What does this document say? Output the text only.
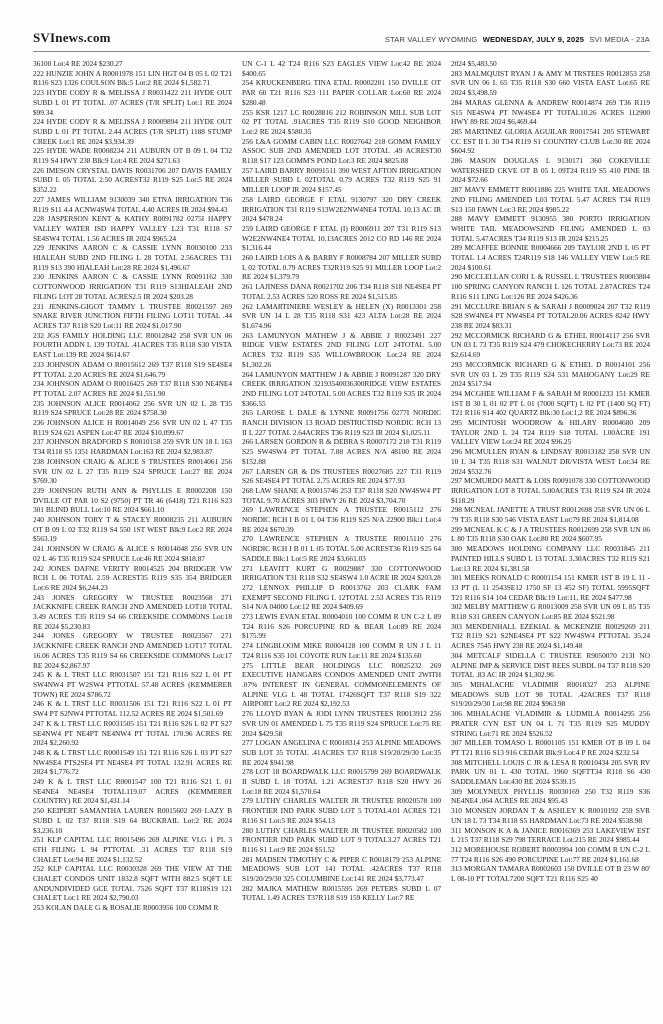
SVInews.com	STAR VALLEY WYOMING WEDNESDAY, JULY 9, 2025 SVI MEDIA - 23A

36100 Lot:4 RE 2024 $230.27

222 HUNZIE JOHN A R0001978 151 LIN HGT 04 B 05 L 02 T21 R116 S23 1326 COULSON Blk:5 Lot:2 RE 2024 $1,582.71

223 HYDE CODY R & MELISSA J R0031422 211 HYDE OUT SUBD L 01 PT TOTAL .07 ACRES (T/R SPLIT) Lot:1 RE 2024 $99.34

224 HYDE CODY R & MELISSA J R0009894 211 HYDE OUT SUBD L 01 PT TOTAL 2.44 ACRES (T/R SPLIT) 1188 STUMP CREEK Lot:1 RE 2024 $3,934.39

225 HYDE WADE R0008234 211 AUBURN OT B 09 L 04 T32 R119 S4 HWY 238 Blk:9 Lot:4 RE 2024 $271.63

226 IMESON CRYSTAL DAVIS R0031706 207 DAVIS FAMILY SUBD L 05 TOTAL 2.50 ACREST32 R119 S25 Lot:5 RE 2024 $352.22

227 JAMES WILLIAM 9130039 340 ETNA IRRIGATION T36 R119 S11 4.4 ACNW4SW4 TOTAL 4.40 ACRES IR 2024 $94.43

228 JASPERSON KENT & KATHY R0091782 0275I HAPPY VALLEY WATER ISD HAPPY VALLEY L23 T31 R118 S7 SE4SW4 TOTAL 1.56 ACRES IR 2024 $965.24

229 JENKINS AARON C & CASSIE LYNN R0030100 233 HIALEAH SUBD 2ND FILING L 28 TOTAL 2.56ACRES T31 R119 S13 390 HIALEAH Lot:28 RE 2024 $1,496.67

230 JENKINS AARON C & CASSIE LYNN R0091162 330 COTTONWOOD IRRIGATION T31 R119 S13HIALEAH 2ND FILING LOT 28 TOTAL ACRES2.5 IR 2024 $203.28

231 JENKINS-GIGOT TAMMY L TRUSTEE R0021597 269 SNAKE RIVER JUNCTION FIFTH FILING LOT11 TOTAL .44 ACRES T37 R118 S20 Lot:11 RE 2024 $1,017.90

232 JGS FAMILY HOLDING LLC R0012842 258 SVR UN 06 FOURTH ADDN L 139 TOTAL .41ACRES T35 R118 S30 VISTA EAST Lot:139 RE 2024 $614.67

233 JOHNSON ADAM O R0015612 269 T37 R118 S19 SE4SE4 PT TOTAL 2.20 ACRES RE 2024 $1,646.79

234 JOHNSON ADAM O R0016425 269 T37 R118 S30 NE4NE4 PT TOTAL 2.07 ACRES RE 2024 $1,551.90

235 JOHNSON ALICE R0014062 256 SVR UN 02 L 28 T35 R119 S24 SPRUCE Lot:28 RE 2024 $758.30

236 JOHNSON ALICE H R0014049 256 SVR UN 02 L 47 T35 R119 S24 621 ASPEN Lot:47 RE 2024 $10,099.67

237 JOHNSON BRADFORD S R0010158 259 SVR UN 18 L 163 T34 R118 S5 1351 HARDMAN Lot:163 RE 2024 $2,983.87

238 JOHNSON CRAIG & ALICE S TRUSTEES R0014061 256 SVR UN 02 L 27 T35 R119 S24 SPRUCE Lot:27 RE 2024 $769.30

239 JOHNSON RUTH ANN & PHYLLIS E R0002208 150 DVILLE OT PAR 10 S2 (9750) PT TR 46 (6418) T21 R116 S23 301 BLIND BULL Lot:10 RE 2024 $661.10

240 JOHNSON TORY T & STACEY R0008235 211 AUBURN OT B 09 L 02 T32 R119 S4 550 1ST WEST Blk:9 Lot:2 RE 2024 $563.19

241 JOHNSON W CRAIG & ALICE S R0014048 256 SVR UN 02 L 46 T35 R119 S24 SPRUCE Lot:46 RE 2024 $818.87

242 JONES DAFNE VERITY R0014525 204 BRIDGER VW RCH L 06 TOTAL 2.59 ACREST35 R119 S35 354 BRIDGER Lot:6 RE 2024 $6,244.23

243 JONES GREGORY W TRUSTEE R0023568 271 JACKKNIFE CREEK RANCH 2ND AMENDED LOT18 TOTAL 3.49 ACRES T35 R119 S4 66 CREEKSIDE COMMONS Lot:18 RE 2024 $5,230.83

244 JONES GREGORY W TRUSTEE R0023567 271 JACKKNIFE CREEK RANCH 2ND AMENDED LOT17 TOTAL 16.06 ACRES T35 R119 S4 66 CREEKSIDE COMMONS Lot:17 RE 2024 $2,867.97

245 K & L TRST LLC R0031507 151 T21 R116 S22 L 01 PT SW4NW4 PT W2SW4 PTTOTAL 57.48 ACRES (KEMMERER TOWN) RE 2024 $786.72

246 K & L TRST LLC R0031506 151 T21 R116 S22 L 01 PT SW4 PT S2NW4 PTTOTAL 112.52 ACRES RE 2024 $1,501.69

247 K & L TRST LLC R0031505 151 T21 R116 S26 L 02 PT S27 SE4NW4 PT NE4PT NE4NW4 PT TOTAL 170.96 ACRES RE 2024 $2,260.92

248 K & L TRST LLC R0001549 151 T21 R116 S26 L 03 PT S27 NW4SE4 PTS2SE4 PT NE4SE4 PT TOTAL 132.91 ACRES RE 2024 $1,776.72

249 K & L TRST LLC R0001547 100 T21 R116 S21 L 01 SE4NE4 NE4SE4 TOTAL119.07 ACRES (KEMMERER COUNTRY) RE 2024 $1,431.14

250 KEIPERT SAMANTHA LAUREN R0015602 269 LAZY B SUBD L 02 T37 R118 S19 64 BUCKRAIL Lot:2 RE 2024 $3,236.10

251 KLP CAPITAL LLC R0015496 269 ALPINE VLG 1 PL 3 6TH FILING L 94 PTTOTAL .31 ACRES T37 R118 S19 CHALET Lot:94 RE 2024 $1,132.52

252 KLP CAPITAL LLC R0030328 269 THE VIEW AT THE CHALET CONDOS UNIT 1832.8 SQFT WITH 882.5 SQFT LE ANDUNDIVIDED GCE TOTAL 7526 SQFT T37 R118S19 121 CHALET Lot:1 RE 2024 $2,790.03

253 KOLAN DALE G & ROSALIE R0003956 100 COMM R

UN C-1 L 42 T24 R116 S23 EAGLES VIEW Lot:42 RE 2024 $400.65

254 KRUCKENBERG TINA ETAL R0002201 150 DVILLE OT PAR 60 T21 R116 S23 111 PAPER COLLAR Lot:60 RE 2024 $280.48

255 KSR 1217 LC R0028816 212 ROBINSON MILL SUB LOT 02 PT TOTAL .91ACRES T35 R119 S10 GOOD NEIGHBOR Lot:2 RE 2024 $580.35

256 L&A GOMM CABIN LLC R0027642 218 GOMM FAMILY ASSOC SUB 2ND AMENDED LOT 3TOTAL .49 ACREST30 R118 S17 123 GOMM'S POND Lot:3 RE 2024 $825.88

257 LAIRD BARRY R0091511 390 WEST AFTON IRRIGATION MILLER SUBD L 02TOTAL 0.79 ACRES T32 R119 S25 91 MILLER LOOP IR 2024 $157.45

258 LAIRD GEORGE F ETAL 9130797 320 DRY CREEK IRRIGATION T31 R119 S13W2E2NW4NE4 TOTAL 10.13 AC IR 2024 $478.24

259 LAIRD GEORGE F ETAL (I) R0006911 207 T31 R119 S13 W2E2NW4NE4 TOTAL 10.13ACRES 2012 CO RD 146 RE 2024 $1,316.44

260 LAIRD LOIS A & BARRY F R0008784 207 MILLER SUBD L 02 TOTAL 0.79 ACRES T32R119 S25 91 MILLER LOOP Lot:2 RE 2024 $1,379.79

261 LAJINESS DANA R0021702 206 T34 R118 S18 NE4SE4 PT TOTAL 2.53 ACRES 520 ROSS RE 2024 $1,515.85

262 LAMARTINIERE WESLEY & HELEN (X) R0013301 258 SVR UN 14 L 28 T35 R118 S31 423 ALTA Lot:28 RE 2024 $1,674.96

263 LAMUNYON MATHEW J & ABBIE J R0023491 227 RIDGE VIEW ESTATES 2ND FILING LOT 24TOTAL 5.00 ACRES T32 R119 S35 WILLOWBROOK Lot:24 RE 2024 $1,302.26

264 LAMUNYON MATTHEW J & ABBIE J R0091287 320 DRY CREEK IRRIGATION 32193540036300RIDGE VIEW ESTATES 2ND FILING LOT 24TOTAL 5.00 ACRES T32 R119 S35 IR 2024 $366.55

265 LAROSE L DALE & LYNNE R0091756 0277I NORDIC RANCH DIVISION 13 ROAD DISTRICTISD NORDIC RCH 13 II L 227 TOTAL 2.64ACRES T36 R119 S23 IR 2024 $1,025.11

266 LARSEN GORDON R & DEBRA S R0007172 218 T31 R119 S25 SW4SW4 PT TOTAL 7.88 ACRES N/A 48100 RE 2024 $152.88

267 LARSEN GR & DS TRUSTEES R0027685 227 T31 R119 S26 SE4SE4 PT TOTAL 2.75 ACRES RE 2024 $77.93

268 LAW SHANE A R0015746 253 T37 R118 S20 NW4SW4 PT TOTAL 9.70 ACRES 303 HWY 26 RE 2024 $3,704.70

269 LAWRENCE STEPHEN A TRUSTEE R0015112 276 NORDIC RCH I B 01 L 04 T36 R119 S25 N/A 22900 Blk:1 Lot:4 RE 2024 $670.39

270 LAWRENCE STEPHEN A TRUSTEE R0015110 276 NORDIC RCH I B 01 L 05 TOTAL 5.00 ACREST36 R119 S25 64 SADDLE Blk:1 Lot:5 RE 2024 $3,661.03

271 LEAVITT KURT G R0029887 330 COTTONWOOD IRRIGATION T31 R118 S32 SE4SW4 1.0 ACRE IR 2024 $203.28

272 LENNOX PHILLIP D R0013762 203 CLARK FAM EXEMPT SECOND FILING L 12TOTAL 2.53 ACRES T35 R119 S14 N/A 04000 Lot:12 RE 2024 $409.69

273 LEWIS EVAN ETAL R0004010 100 COMM R UN C-2 L 89 T24 R116 S26 PORCUPINE RD & BEAR Lot:89 RE 2024 $175.99

274 LINGBLOOM MIKE R0004128 100 COMM R UN J L 11 T24 R116 S35 101 COYOTE RUN Lot:11 RE 2024 $135.60

275 LITTLE BEAR HOLDINGS LLC R0025232 269 EXECUTIVE HANGARS CONDOS AMENDED UNIT 2WITH .07% INTEREST IN GENERAL COMMONELEMENTS OF ALPINE VLG L 48 TOTAL 17426SQFT T37 R118 S19 322 AIRPORT Lot:2 RE 2024 $2,192.53

276 LLOYD RYAN & JODI LYNN TRUSTEES R0013912 256 SVR UN 01 AMENDED L 75 T35 R119 S24 SPRUCE Lot:75 RE 2024 $429.58

277 LOGAN ANGELINA C R0018314 253 ALPINE MEADOWS SUB LOT 35 TOTAL .41ACRES T37 R118 S19/20/29/30 Lot:35 RE 2024 $941.98

278 LOT 18 BOARDWALK LLC R0015799 269 BOARDWALK II SUBD L 18 TOTAL 1.21 ACREST37 R118 S20 HWY 26 Lot:18 RE 2024 $1,570.64

279 LUTHY CHARLES WALTER JR TRUSTEE R0020578 100 FRONTIER IND PARK SUBD LOT 5 TOTAL4.01 ACRES T21 R116 S1 Lot:5 RE 2024 $54.13

280 LUTHY CHARLES WALTER JR TRUSTEE R0020582 100 FRONTIER IND PARK SUBD LOT 9 TOTAL3.27 ACRES T21 R116 S1 Lot:9 RE 2024 $51.52

281 MADSEN TIMOTHY C & PIPER C R0018179 253 ALPINE MEADOWS SUB LOT 141 TOTAL .42ACRES T37 R118 S19/20/29/30 325 COLUMBINE Lot:141 RE 2024 $3,773.47

282 MAJKA MATHEW R0015595 269 PETERS SUBD L 07 TOTAL 1.49 ACRES T37R118 S19 159 KELLY Lot:7 RE

2024 $5,483.50

283 MALMQUIST RYAN J & AMY M TRSTEES R0012853 258 SVR UN 06 L 65 T35 R118 S30 660 VISTA EAST Lot:65 RE 2024 $3,498.59

284 MARAS GLENNA & ANDREW R0014874 269 T36 R119 S15 NE4SW4 PT NW4SE4 PT TOTAL10.26 ACRES 112900 HWY 89 RE 2024 $6,469.44

285 MARTINEZ GLORIA AGUILAR R0017541 205 STEWART CC EST II L 30 T34 R119 S1 COUNTRY CLUB Lot:30 RE 2024 $604.92

286 MASON DOUGLAS L 9130171 360 COKEVILLE WATERSHED CKVE OT B 05 L 09T24 R119 S5 410 PINE IR 2024 $72.66

287 MAVY EMMETT R0011886 225 WHITE TAIL MEADOWS 2ND FILING AMENDED L03 TOTAL 5.47 ACRES T34 R119 S13 150 FAWN Lot:3 RE 2024 $985.22

288 MAVY EMMETT 9130955 380 PORTO IRRIGATION WHITE TAIL MEADOWS2ND FILING AMENDED L 03 TOTAL 5.47ACRES T34 R119 S13 IR 2024 $215.25

289 MCAFFEE BONNIE R0004666 209 TAYLOR 2ND L 05 PT TOTAL 1.4 ACRES T24R119 S18 146 VALLEY VIEW Lot:5 RE 2024 $100.61

290 MCCLELLAN CORI L & RUSSEL L TRUSTEES R0003884 100 SPRING CANYON RANCH L 126 TOTAL 2.87ACRES T24 R116 S11 LING Lot:126 RE 2024 $426.36

291 MCCLURE BRIAN S & SARAH J R0009024 207 T32 R119 S28 SW4NE4 PT NW4SE4 PT TOTAL20.06 ACRES 8242 HWY 238 RE 2024 $83.31

292 MCCORMICK RICHARD G & ETHEL R0014117 256 SVR UN 03 L 73 T35 R119 S24 479 CHOKECHERRY Lot:73 RE 2024 $2,614.69

293 MCCORMICK RICHARD G & ETHEL D R0014101 256 SVR UN 03 L 29 T35 R119 S24 531 MAHOGANY Lot:29 RE 2024 $517.94

294 MCGHEE WILLIAM F & SARAH M R0001233 151 KMER 1ST B 30 L 01 02 PT L 01 (7000 SQFT) L 02 PT (1400 SQ FT) T21 R116 S14 402 QUARTZ Blk:30 Lot:1,2 RE 2024 $896.36

295 MCINTOSH WOODROW & HILARY R0004680 209 TAYLOR 2ND L 24 T24 R119 S18 TOTAL 1.00ACRE 191 VALLEY VIEW Lot:24 RE 2024 $96.25

296 MCMULLEN RYAN & LINDSAY R0013182 258 SVR UN 10 L 34 T35 R118 S31 WALNUT DR/VISTA WEST Lot:34 RE 2024 $532.76

297 MCMURDO MATT & LOIS R0091078 330 COTTONWOOD IRRIGATION LOT 8 TOTAL 5.00ACRES T31 R119 S24 IR 2024 $118.29

298 MCNEAL JANETTE A TRUST R0012698 258 SVR UN 06 L 79 T35 R118 S30 546 VISTA EAST Lot:79 RE 2024 $1,814.08

299 MCNEAL K C & J A TRUSTEES R0012699 258 SVR UN 06 L 80 T35 R118 S30 OAK Lot:80 RE 2024 $607.95

300 MEADOWS HOLDING COMPANY LLC R0031845 211 PAINTED HILLS SUBD L 13 TOTAL 3.30ACRES T32 R119 S21 Lot:13 RE 2024 $1,381.58

301 MEEKS RONALD C R0001154 151 KMER 1ST B 19 L 11 - 13 PT (L 11 2543SE12 1750 SF 13 452 SF) TOTAL 5995SQFT T21 R116 S14 104 CEDAR Blk:19 Lot:11, RE 2024 $477.98

302 MELBY MATTHEW G R0013009 258 SVR UN 09 L 85 T35 R118 S31 GREEN CANYON Lot:85 RE 2024 $521.98

303 MENDENHALL EZEKIAL & MCKENZIE R0029269 211 T32 R119 S21 S2NE4SE4 PT S22 NW4SW4 PTTOTAL 35.24 ACRES 7545 HWY 238 RE 2024 $1,149.48

304 METCALF SIDELLA C TRUSTEE R9050070 213I NO ALPINE IMP & SERVICE DIST REES SUBDL 04 T37 R118 S20 TOTAL .83 AC IR 2024 $1,302.96

305 MIHALACHE VLADIMIR R0018327 253 ALPINE MEADOWS SUB LOT 98 TOTAL .42ACRES T37 R118 S19/20/29/30 Lot:98 RE 2024 $963.98

306 MIHALACHE VLADIMIR & LUDMILA R0014295 256 PRATER CYN EST UN 04 L 71 T35 R119 S25 MUDDY STRING Lot:71 RE 2024 $526.52

307 MILLER TOMASO L R0001105 151 KMER OT B 09 L 04 PT T21 R116 S13 916 CEDAR Blk:9 Lot:4 P RE 2024 $232.54

308 MITCHELL LOUIS C JR & LESA R R0010434 205 SVR RV PARK UN 01 L 430 TOTAL 1960 SQFTT34 R118 S6 430 SADDLEMAN Lot:430 RE 2024 $539.15

309 MOLYNEUX PHYLLIS R0030169 250 T32 R119 S36 NE4NE4 .064 ACRES RE 2024 $95.43

310 MONSEN JORDAN T & ASHLEY K R0010192 259 SVR UN 18 L 73 T34 R118 S5 HARDMAN Lot:73 RE 2024 $538.98

311 MONSON K A & JANICE R0016369 253 LAKEVIEW EST L 215 T37 R118 S29 798 TERRACE Lot:215 RE 2024 $985.44

312 MOREHOUSE ROBERT R0003994 100 COMM R UN C-2 L 77 T24 R116 S26 490 PORCUPINE Lot:77 RE 2024 $1,161.68

313 MORGAN TAMARA R0002603 150 DVILLE OT B 23 W 80' L 08-10 PT TOTAL7200 SQFT T21 R116 S25 40
